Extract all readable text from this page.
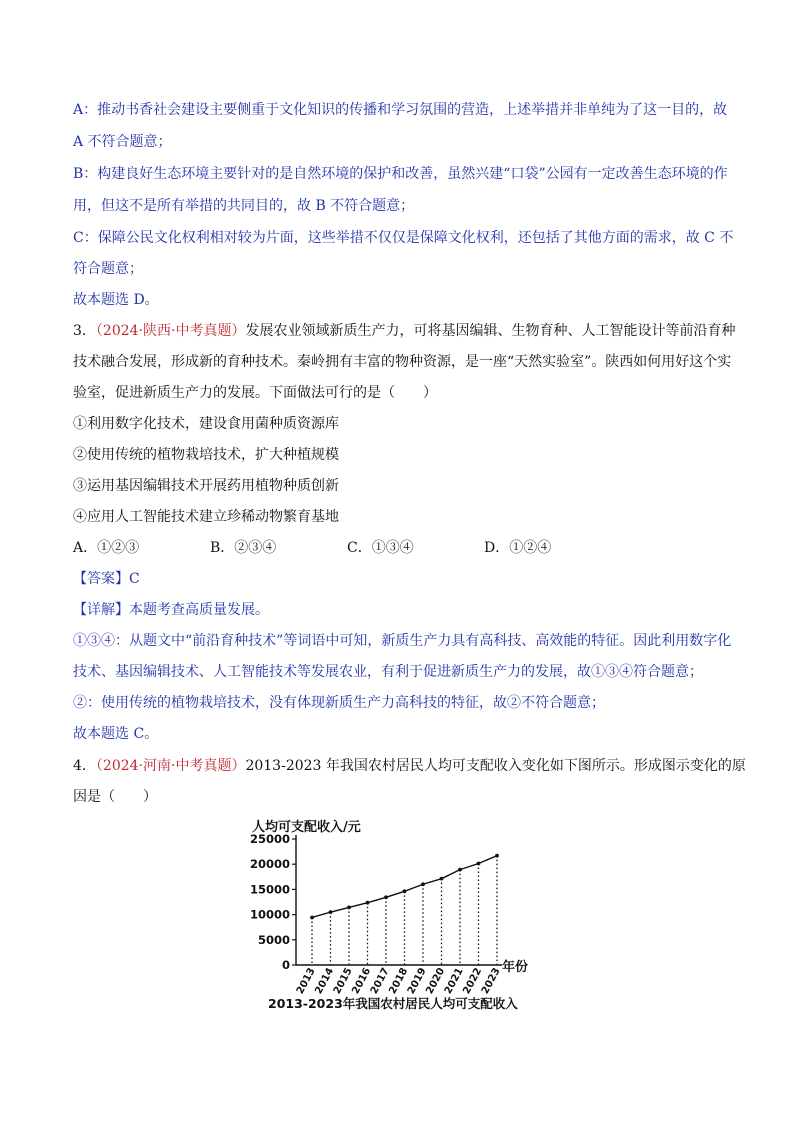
A：推动书香社会建设主要侧重于文化知识的传播和学习氛围的营造，上述举措并非单纯为了这一目的，故
A 不符合题意；
B：构建良好生态环境主要针对的是自然环境的保护和改善，虽然兴建“口袋”公园有一定改善生态环境的作
用，但这不是所有举措的共同目的，故 B 不符合题意；
C：保障公民文化权利相对较为片面，这些举措不仅仅是保障文化权利，还包括了其他方面的需求，故 C 不
符合题意；
故本题选 D。
3．（2024·陕西·中考真题）发展农业领域新质生产力，可将基因编辑、生物育种、人工智能设计等前沿育种
技术融合发展，形成新的育种技术。秦岭拥有丰富的物种资源，是一座“天然实验室”。陕西如何用好这个实
验室，促进新质生产力的发展。下面做法可行的是（　　）
①利用数字化技术，建设食用菌种质资源库
②使用传统的植物栽培技术，扩大种植规模
③运用基因编辑技术开展药用植物种质创新
④应用人工智能技术建立珍稀动物繁育基地
A．①②③	B．②③④	C．①③④	D．①②④
【答案】C
【详解】本题考查高质量发展。
①③④：从题文中“前沿育种技术”等词语中可知，新质生产力具有高科技、高效能的特征。因此利用数字化
技术、基因编辑技术、人工智能技术等发展农业，有利于促进新质生产力的发展，故①③④符合题意；
②：使用传统的植物栽培技术，没有体现新质生产力高科技的特征，故②不符合题意；
故本题选 C。
4．（2024·河南·中考真题）2013-2023 年我国农村居民人均可支配收入变化如下图所示。形成图示变化的原
因是（　　）
人均可支配收入/元
0
5000
10000
15000
20000
25000
2013
2014
2015
2016
2017
2018
2019
2020
2021
2022
2023 年份
2013-2023年我国农村居民人均可支配收入
